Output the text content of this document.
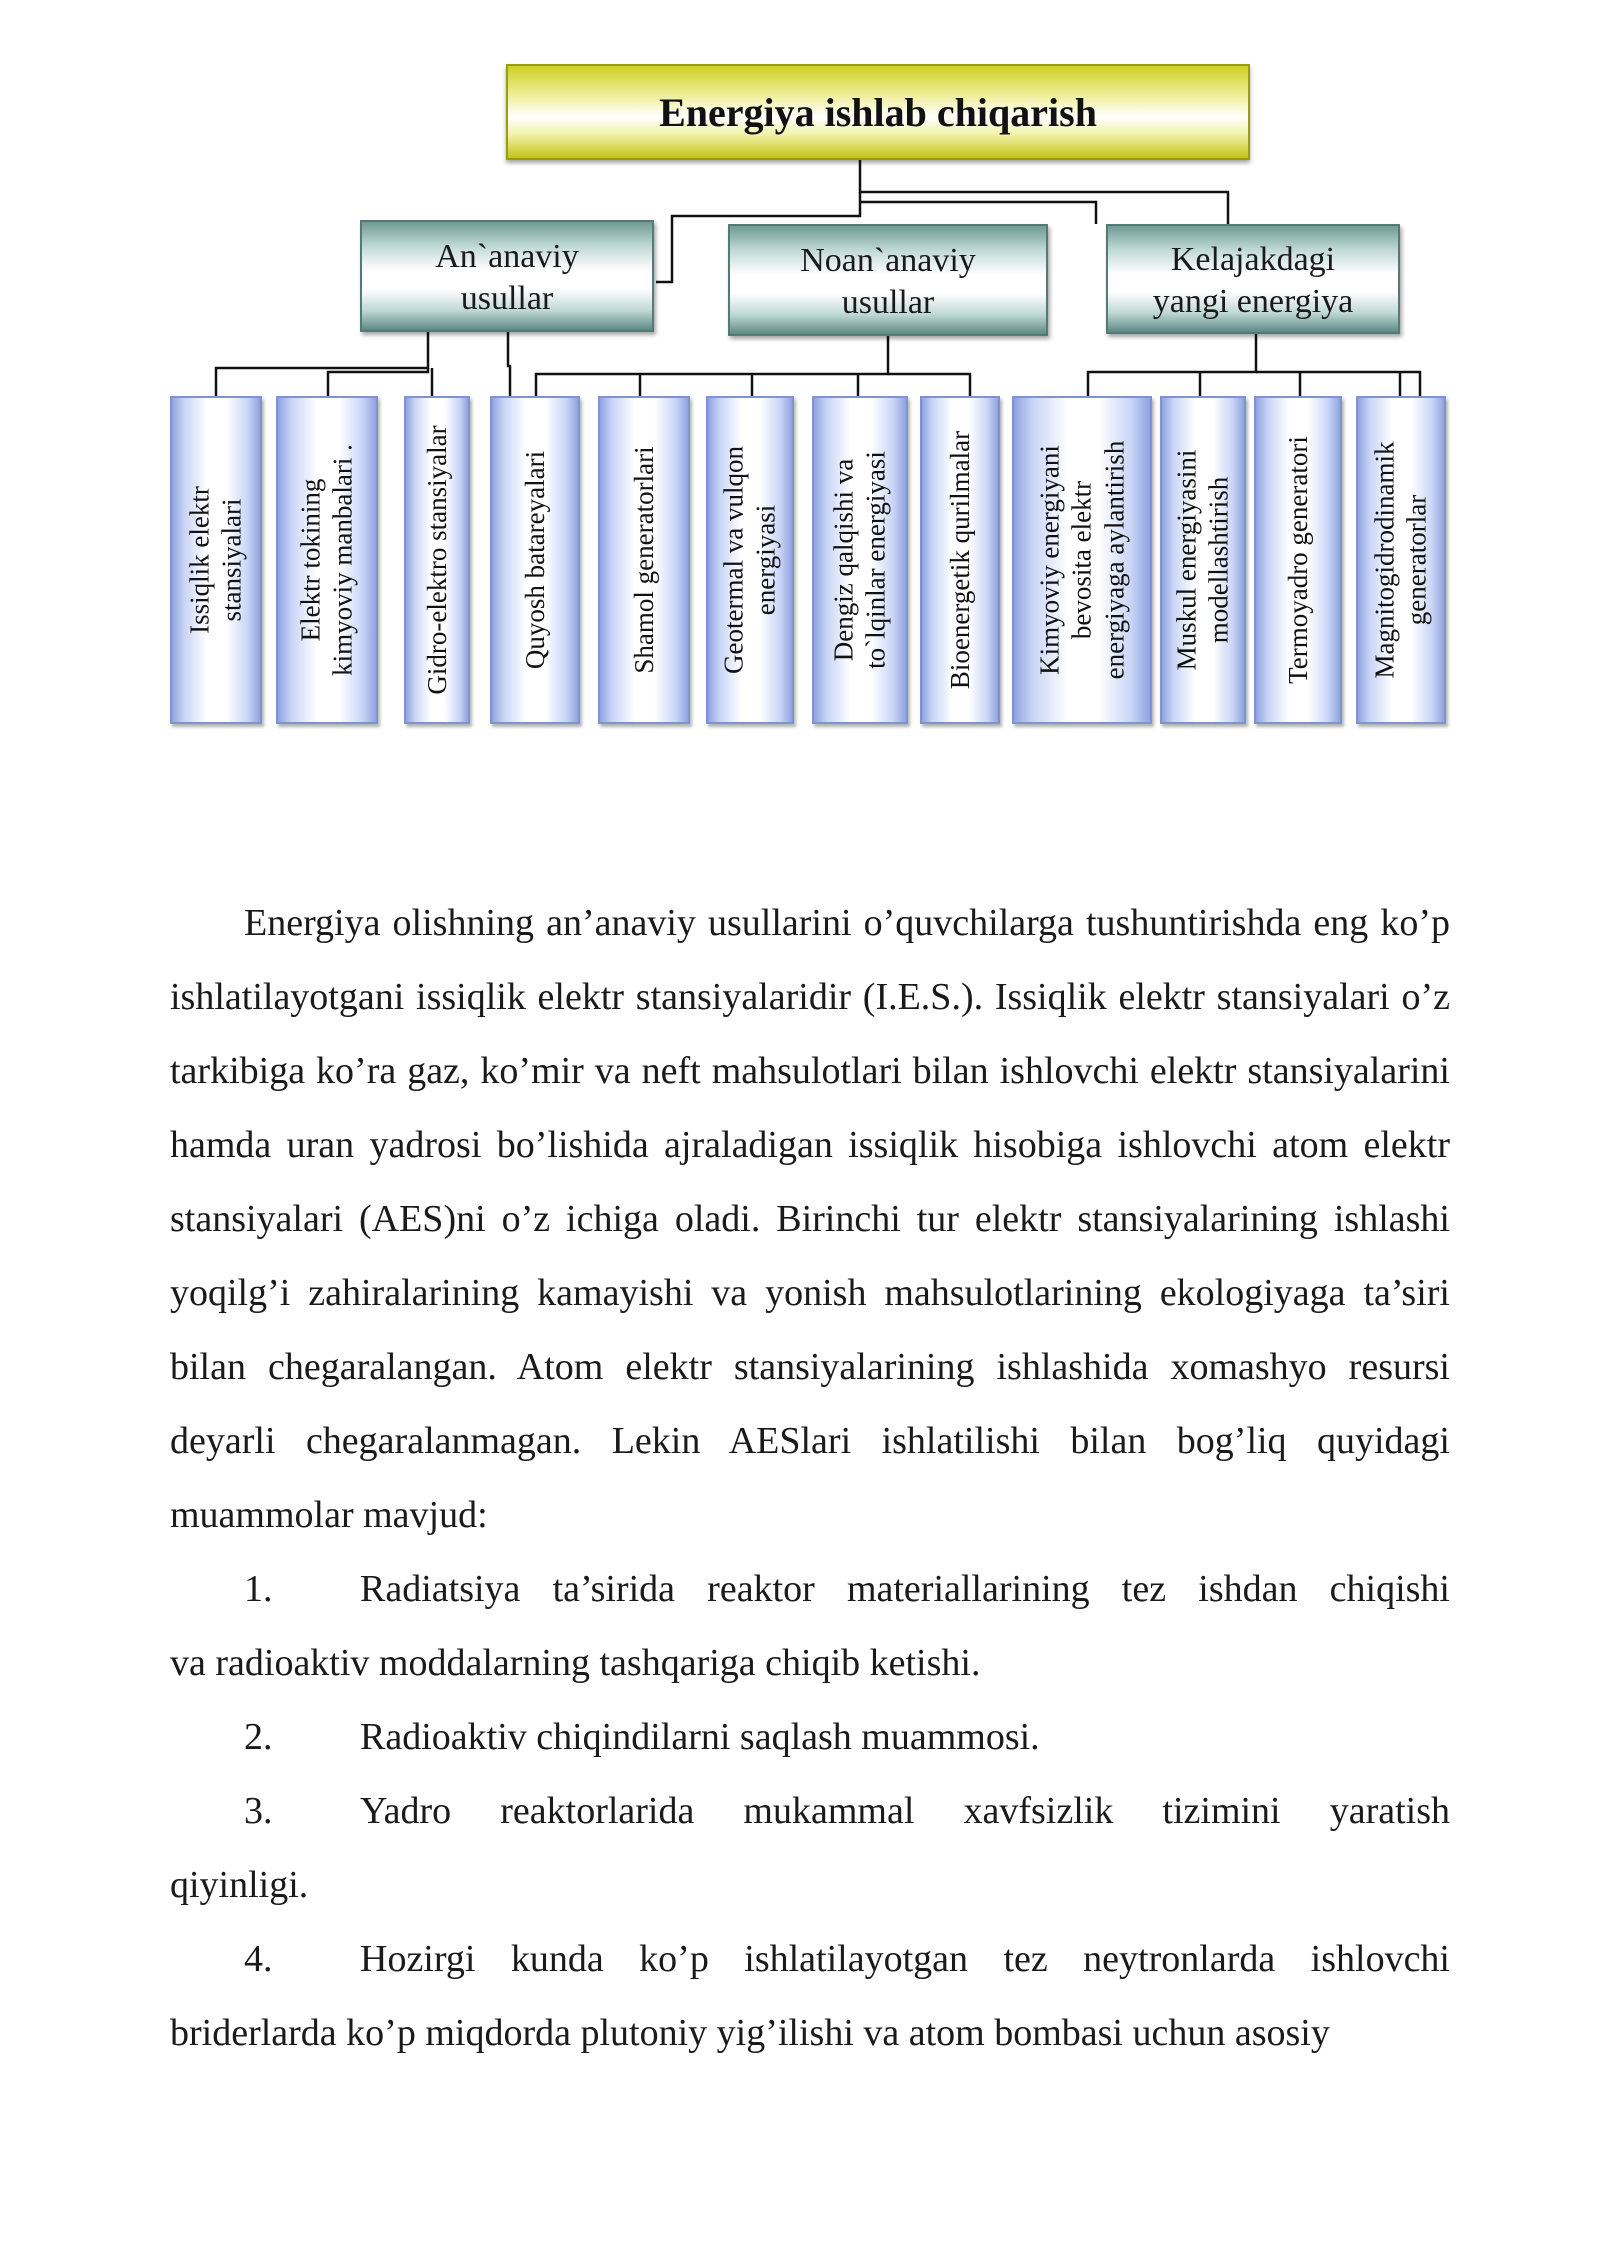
Energiya ishlab chiqarish
An`anaviy
usullar
Noan`anaviy
usullar
Kelajakdagi
yangi energiya
Issiqlik elektr
stansiyalari Elektr tokining
kimyoviy manbalari . Gidro-elektro stansiyalar	Quyosh batareyalari	Shamol generatorlari Geotermal va vulqon
energiyasi
Dengiz qalqishi va
to`lqinlar energiyasi Bioenergetik qurilmalar Kimyoviy energiyani
bevosita elektr
energiyaga aylantirish
Muskul energiyasini
modellashtirish Termoyadro generatori Magnitogidrodinamik
generatorlar

Energiya olishning an’anaviy usullarini o’quvchilarga tushuntirishda eng ko’p ishlatilayotgani issiqlik elektr stansiyalaridir (I.E.S.). Issiqlik elektr stansiyalari o’z tarkibiga ko’ra gaz, ko’mir va neft mahsulotlari bilan ishlovchi elektr stansiyalarini hamda uran yadrosi bo’lishida ajraladigan issiqlik hisobiga ishlovchi atom elektr stansiyalari (AES)ni o’z ichiga oladi. Birinchi tur elektr stansiyalarining ishlashi yoqilg’i zahiralarining kamayishi va yonish mahsulotlarining ekologiyaga ta’siri bilan chegaralangan. Atom elektr stansiyalarining ishlashida xomashyo resursi deyarli chegaralanmagan. Lekin AESlari ishlatilishi bilan bog’liq quyidagi muammolar mavjud:

1.	Radiatsiya ta’sirida reaktor materiallarining tez ishdan chiqishi

va radioaktiv moddalarning tashqariga chiqib ketishi.

2.	Radioaktiv chiqindilarni saqlash muammosi.
3.	Yadro reaktorlarida mukammal xavfsizlik tizimini yaratish

qiyinligi.

4.	Hozirgi kunda ko’p ishlatilayotgan tez neytronlarda ishlovchi

briderlarda ko’p miqdorda plutoniy yig’ilishi va atom bombasi uchun asosiy
